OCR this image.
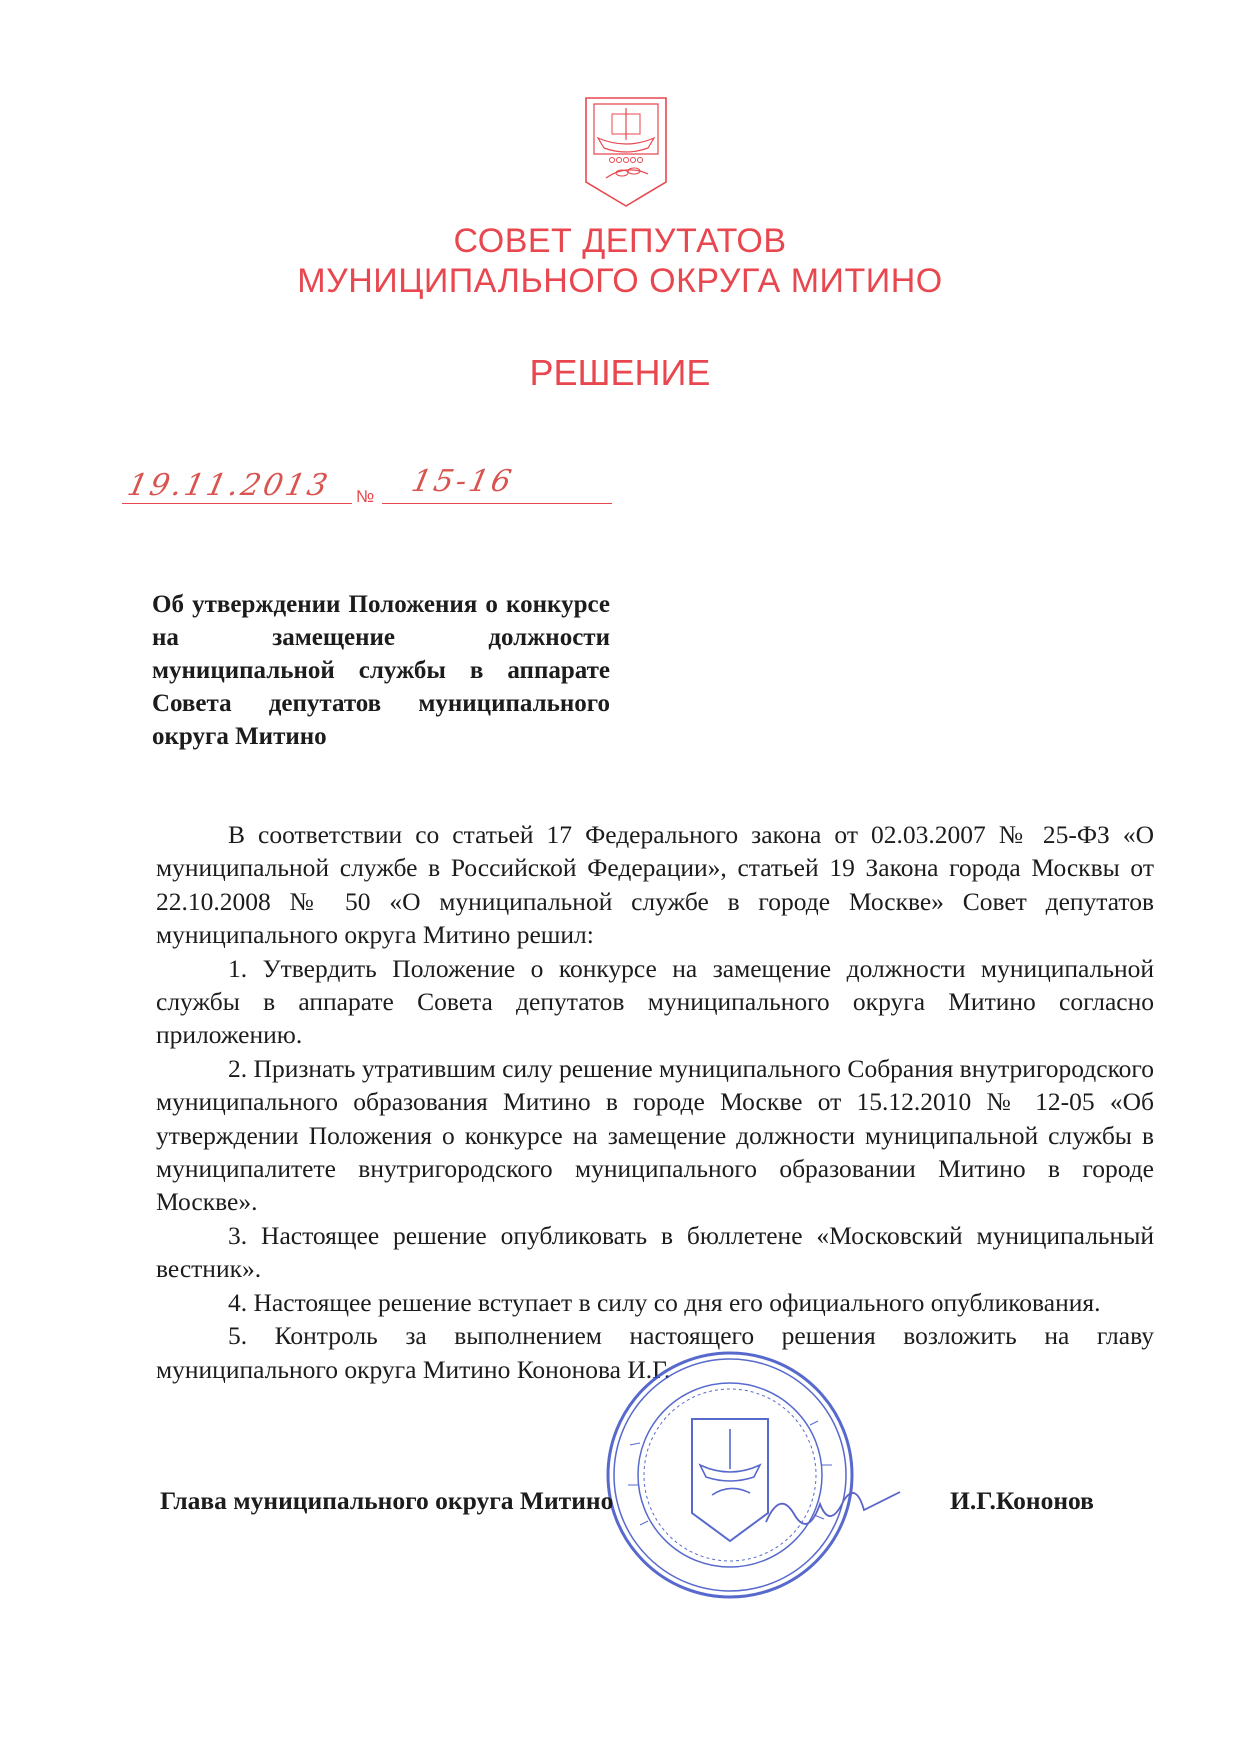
СОВЕТ ДЕПУТАТОВ
МУНИЦИПАЛЬНОГО ОКРУГА МИТИНО
РЕШЕНИЕ
19.11.2013 № 15-16
Об утверждении Положения о конкурсе на замещение должности муниципальной службы в аппарате Совета депутатов муниципального округа Митино

В соответствии со статьей 17 Федерального закона от 02.03.2007 № 25-ФЗ «О муниципальной службе в Российской Федерации», статьей 19 Закона города Москвы от 22.10.2008 № 50 «О муниципальной службе в городе Москве» Совет депутатов муниципального округа Митино решил:

1. Утвердить Положение о конкурсе на замещение должности муниципальной службы в аппарате Совета депутатов муниципального округа Митино согласно приложению.

2. Признать утратившим силу решение муниципального Собрания внутригородского муниципального образования Митино в городе Москве от 15.12.2010 № 12-05 «Об утверждении Положения о конкурсе на замещение должности муниципальной службы в муниципалитете внутригородского муниципального образовании Митино в городе Москве».

3. Настоящее решение опубликовать в бюллетене «Московский муниципальный вестник».

4. Настоящее решение вступает в силу со дня его официального опубликования.

5. Контроль за выполнением настоящего решения возложить на главу муниципального округа Митино Кононова И.Г.

Глава муниципального округа Митино	И.Г.Кононов
